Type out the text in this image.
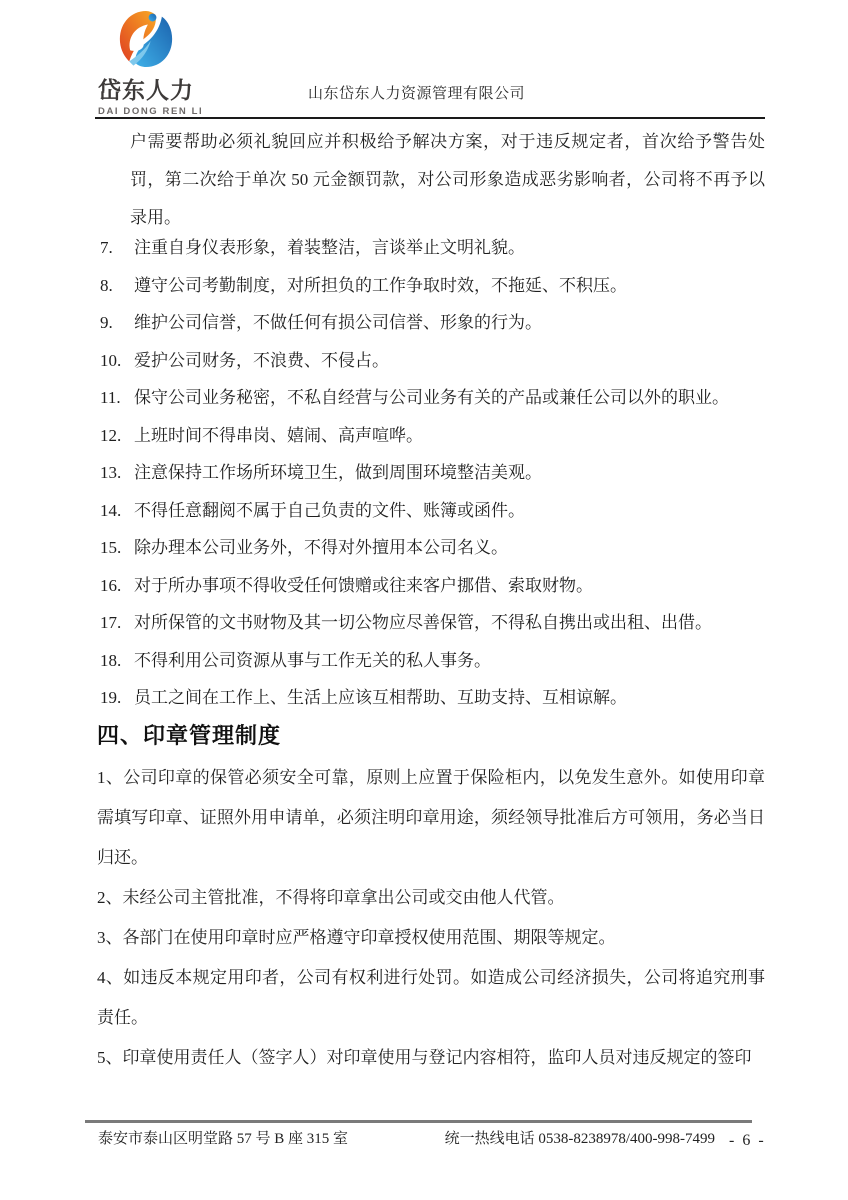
岱东人力
DAI DONG REN LI
山东岱东人力资源管理有限公司

户需要帮助必须礼貌回应并积极给予解决方案，对于违反规定者，首次给予警告处罚，第二次给于单次 50 元金额罚款，对公司形象造成恶劣影响者，公司将不再予以录用。

7.	注重自身仪表形象，着装整洁，言谈举止文明礼貌。
8.	遵守公司考勤制度，对所担负的工作争取时效，不拖延、不积压。
9.	维护公司信誉，不做任何有损公司信誉、形象的行为。
10. 爱护公司财务，不浪费、不侵占。
11. 保守公司业务秘密，不私自经营与公司业务有关的产品或兼任公司以外的职业。
12. 上班时间不得串岗、嬉闹、高声喧哗。
13. 注意保持工作场所环境卫生，做到周围环境整洁美观。
14. 不得任意翻阅不属于自己负责的文件、账簿或函件。
15. 除办理本公司业务外，不得对外擅用本公司名义。
16. 对于所办事项不得收受任何馈赠或往来客户挪借、索取财物。
17. 对所保管的文书财物及其一切公物应尽善保管，不得私自携出或出租、出借。
18. 不得利用公司资源从事与工作无关的私人事务。
19. 员工之间在工作上、生活上应该互相帮助、互助支持、互相谅解。
四、印章管理制度

1、公司印章的保管必须安全可靠，原则上应置于保险柜内，以免发生意外。如使用印章需填写印章、证照外用申请单，必须注明印章用途，须经领导批准后方可领用，务必当日归还。

2、未经公司主管批准，不得将印章拿出公司或交由他人代管。

3、各部门在使用印章时应严格遵守印章授权使用范围、期限等规定。

4、如违反本规定用印者，公司有权利进行处罚。如造成公司经济损失，公司将追究刑事责任。

5、印章使用责任人（签字人）对印章使用与登记内容相符，监印人员对违反规定的签印

泰安市泰山区明堂路 57 号 B 座 315 室	统一热线电话 0538-8238978/400-998-7499 - 6 -
